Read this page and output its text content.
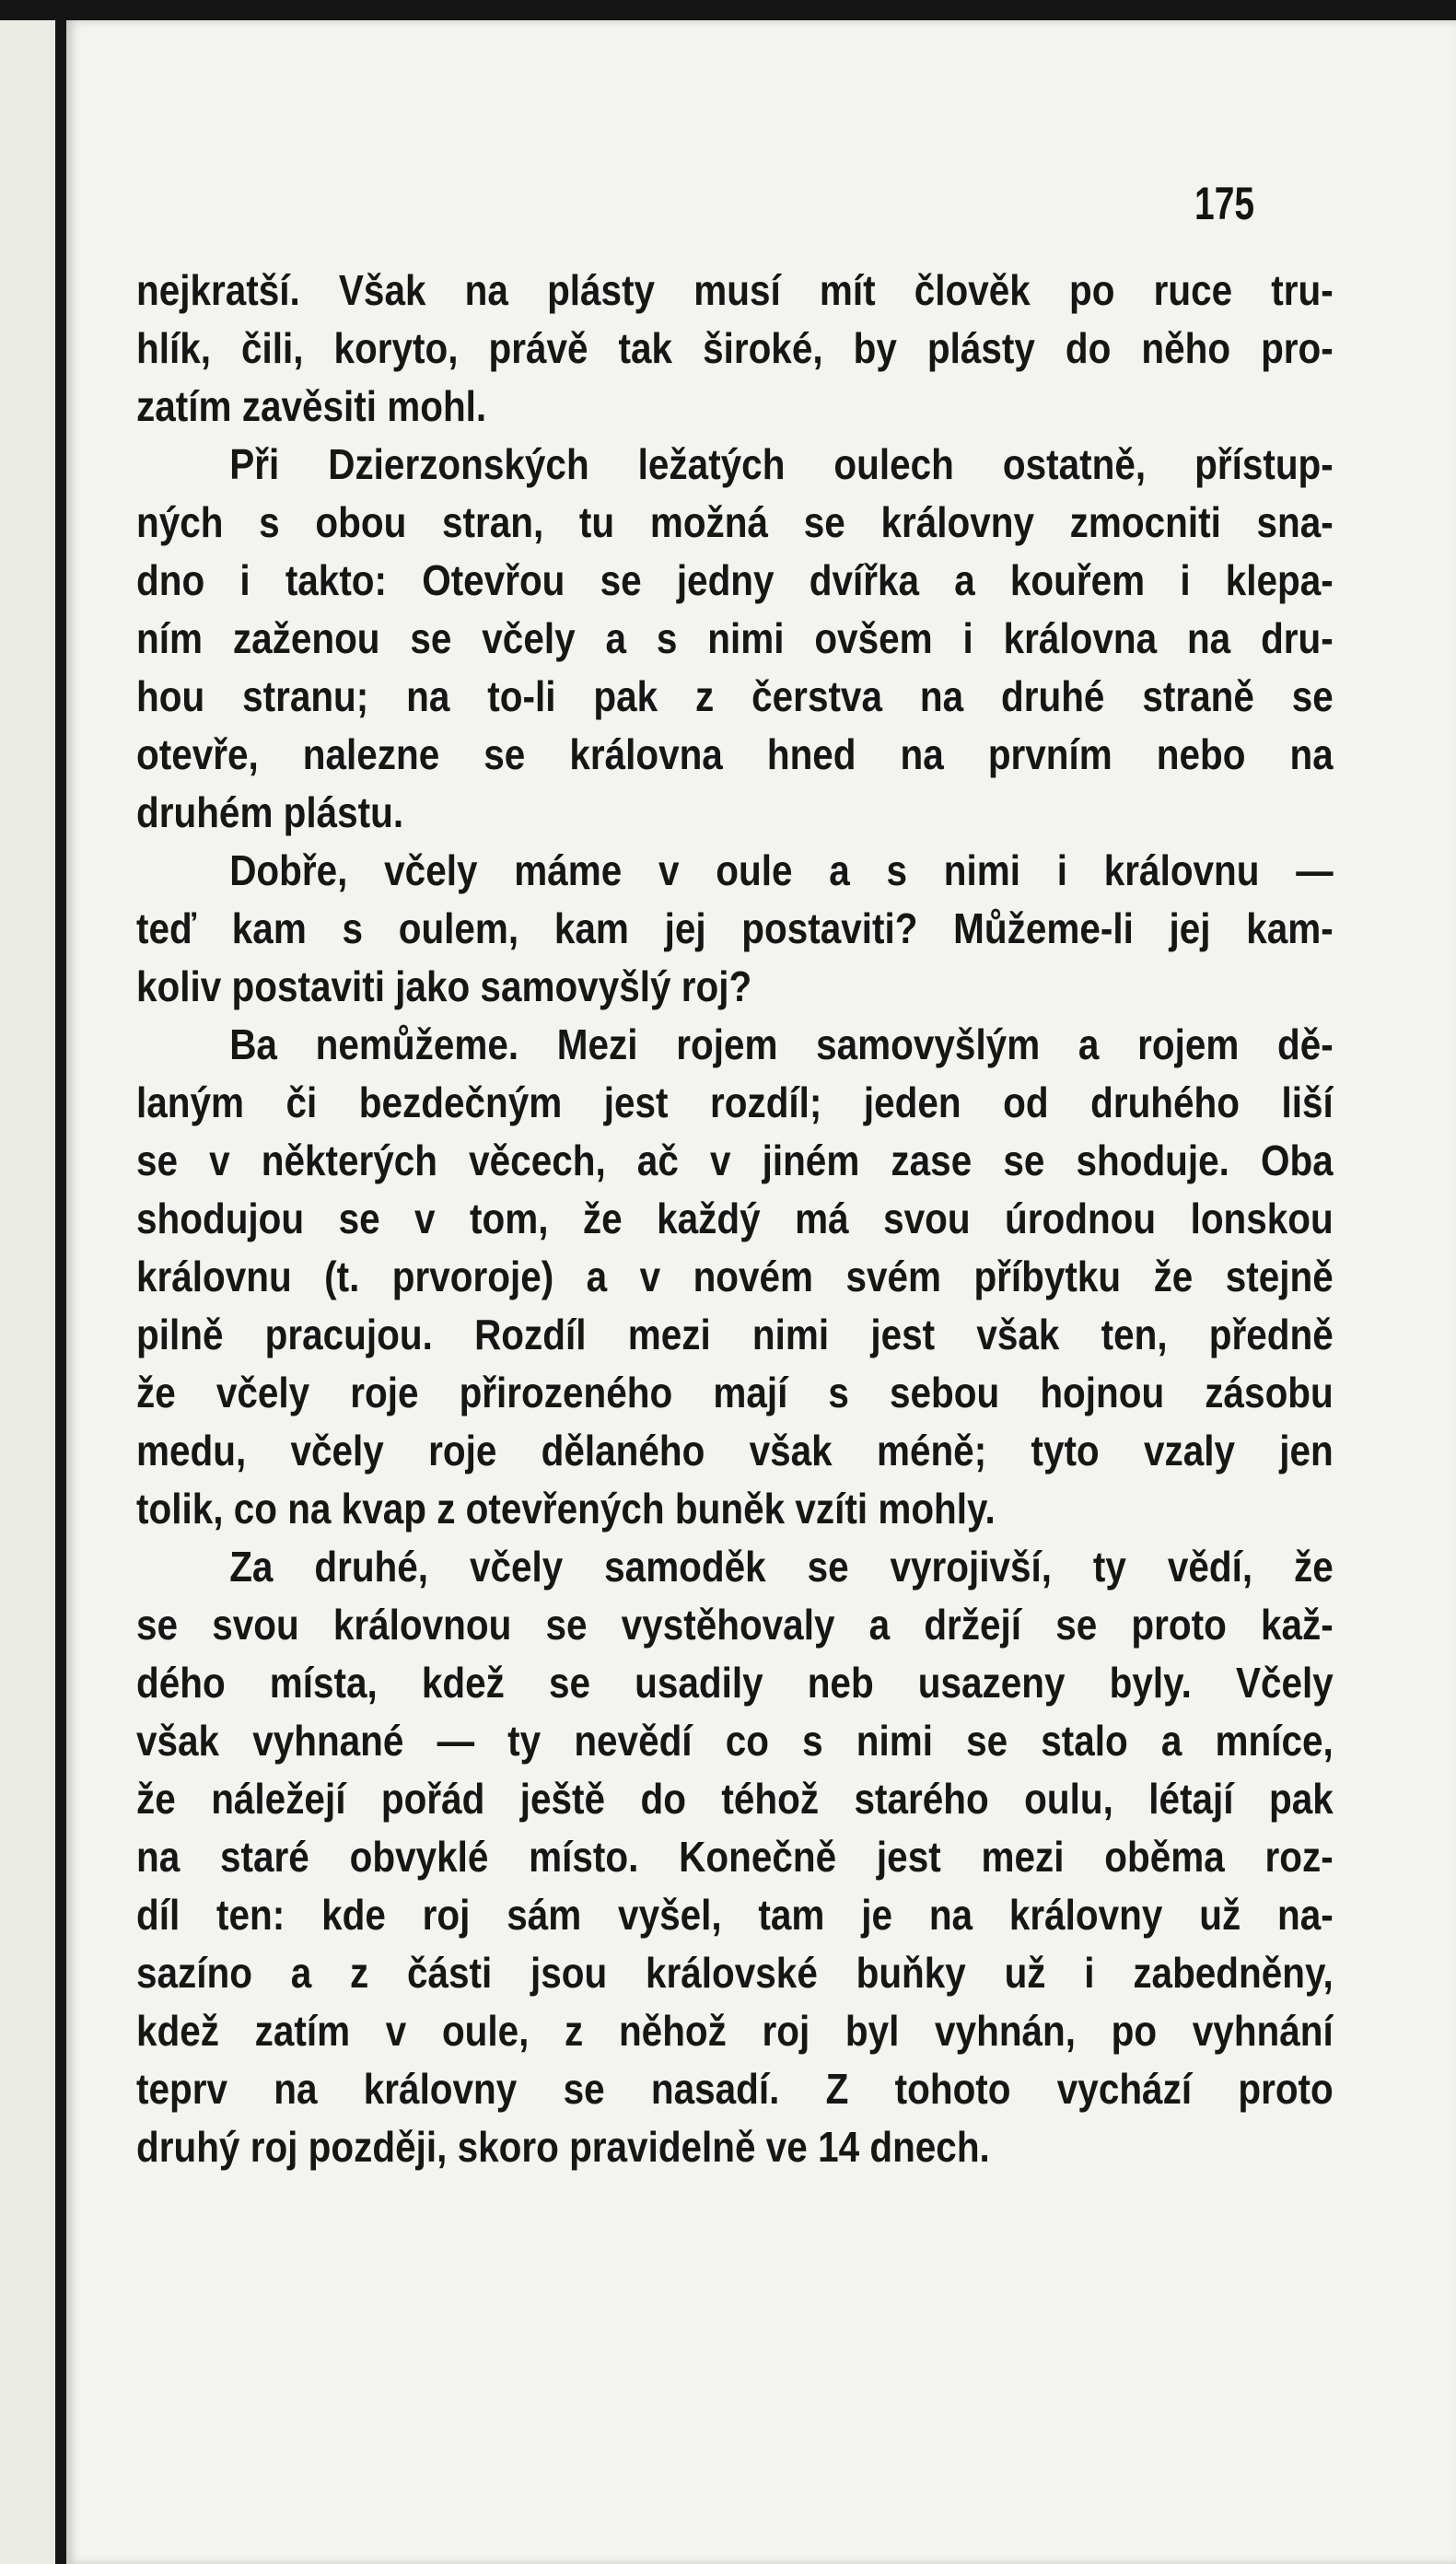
175
nejkratší. Však na plásty musí mít člověk po ruce tru-
hlík, čili, koryto, právě tak široké, by plásty do něho pro-
zatím zavěsiti mohl.
Při Dzierzonských ležatých oulech ostatně, přístup-
ných s obou stran, tu možná se královny zmocniti sna-
dno i takto: Otevřou se jedny dvířka a kouřem i klepa-
ním zaženou se včely a s nimi ovšem i královna na dru-
hou stranu; na to-li pak z čerstva na druhé straně se
otevře, nalezne se královna hned na prvním nebo na
druhém plástu.
Dobře, včely máme v oule a s nimi i královnu —
teď kam s oulem, kam jej postaviti? Můžeme-li jej kam-
koliv postaviti jako samovyšlý roj?
Ba nemůžeme. Mezi rojem samovyšlým a rojem dě-
laným či bezdečným jest rozdíl; jeden od druhého liší
se v některých věcech, ač v jiném zase se shoduje. Oba
shodujou se v tom, že každý má svou úrodnou lonskou
královnu (t. prvoroje) a v novém svém příbytku že stejně
pilně pracujou. Rozdíl mezi nimi jest však ten, předně
že včely roje přirozeného mají s sebou hojnou zásobu
medu, včely roje dělaného však méně; tyto vzaly jen
tolik, co na kvap z otevřených buněk vzíti mohly.
Za druhé, včely samoděk se vyrojivší, ty vědí, že
se svou královnou se vystěhovaly a držejí se proto kaž-
dého místa, kdež se usadily neb usazeny byly. Včely
však vyhnané — ty nevědí co s nimi se stalo a mníce,
že náležejí pořád ještě do téhož starého oulu, létají pak
na staré obvyklé místo. Konečně jest mezi oběma roz-
díl ten: kde roj sám vyšel, tam je na královny už na-
sazíno a z části jsou královské buňky už i zabedněny,
kdež zatím v oule, z něhož roj byl vyhnán, po vyhnání
teprv na královny se nasadí. Z tohoto vychází proto
druhý roj později, skoro pravidelně ve 14 dnech.
